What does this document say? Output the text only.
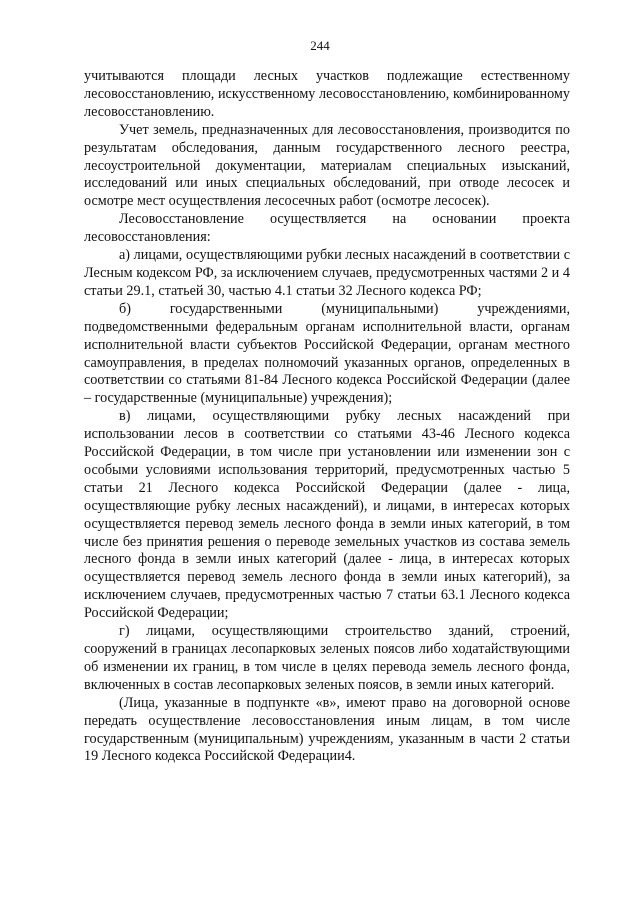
244

учитываются площади лесных участков подлежащие естественному лесовосстановлению, искусственному лесовосстановлению, комбинированному лесовосстановлению.

Учет земель, предназначенных для лесовосстановления, производится по результатам обследования, данным государственного лесного реестра, лесоустроительной документации, материалам специальных изысканий, исследований или иных специальных обследований, при отводе лесосек и осмотре мест осуществления лесосечных работ (осмотре лесосек).

Лесовосстановление осуществляется на основании проекта лесовосстановления:

а) лицами, осуществляющими рубки лесных насаждений в соответствии с Лесным кодексом РФ, за исключением случаев, предусмотренных частями 2 и 4 статьи 29.1, статьей 30, частью 4.1 статьи 32 Лесного кодекса РФ;

б) государственными (муниципальными) учреждениями, подведомственными федеральным органам исполнительной власти, органам исполнительной власти субъектов Российской Федерации, органам местного самоуправления, в пределах полномочий указанных органов, определенных в соответствии со статьями 81-84 Лесного кодекса Российской Федерации (далее – государственные (муниципальные) учреждения);

в) лицами, осуществляющими рубку лесных насаждений при использовании лесов в соответствии со статьями 43-46 Лесного кодекса Российской Федерации, в том числе при установлении или изменении зон с особыми условиями использования территорий, предусмотренных частью 5 статьи 21 Лесного кодекса Российской Федерации (далее - лица, осуществляющие рубку лесных насаждений), и лицами, в интересах которых осуществляется перевод земель лесного фонда в земли иных категорий, в том числе без принятия решения о переводе земельных участков из состава земель лесного фонда в земли иных категорий (далее - лица, в интересах которых осуществляется перевод земель лесного фонда в земли иных категорий), за исключением случаев, предусмотренных частью 7 статьи 63.1 Лесного кодекса Российской Федерации;

г) лицами, осуществляющими строительство зданий, строений, сооружений в границах лесопарковых зеленых поясов либо ходатайствующими об изменении их границ, в том числе в целях перевода земель лесного фонда, включенных в состав лесопарковых зеленых поясов, в земли иных категорий.

(Лица, указанные в подпункте «в», имеют право на договорной основе передать осуществление лесовосстановления иным лицам, в том числе государственным (муниципальным) учреждениям, указанным в части 2 статьи 19 Лесного кодекса Российской Федерации4.
